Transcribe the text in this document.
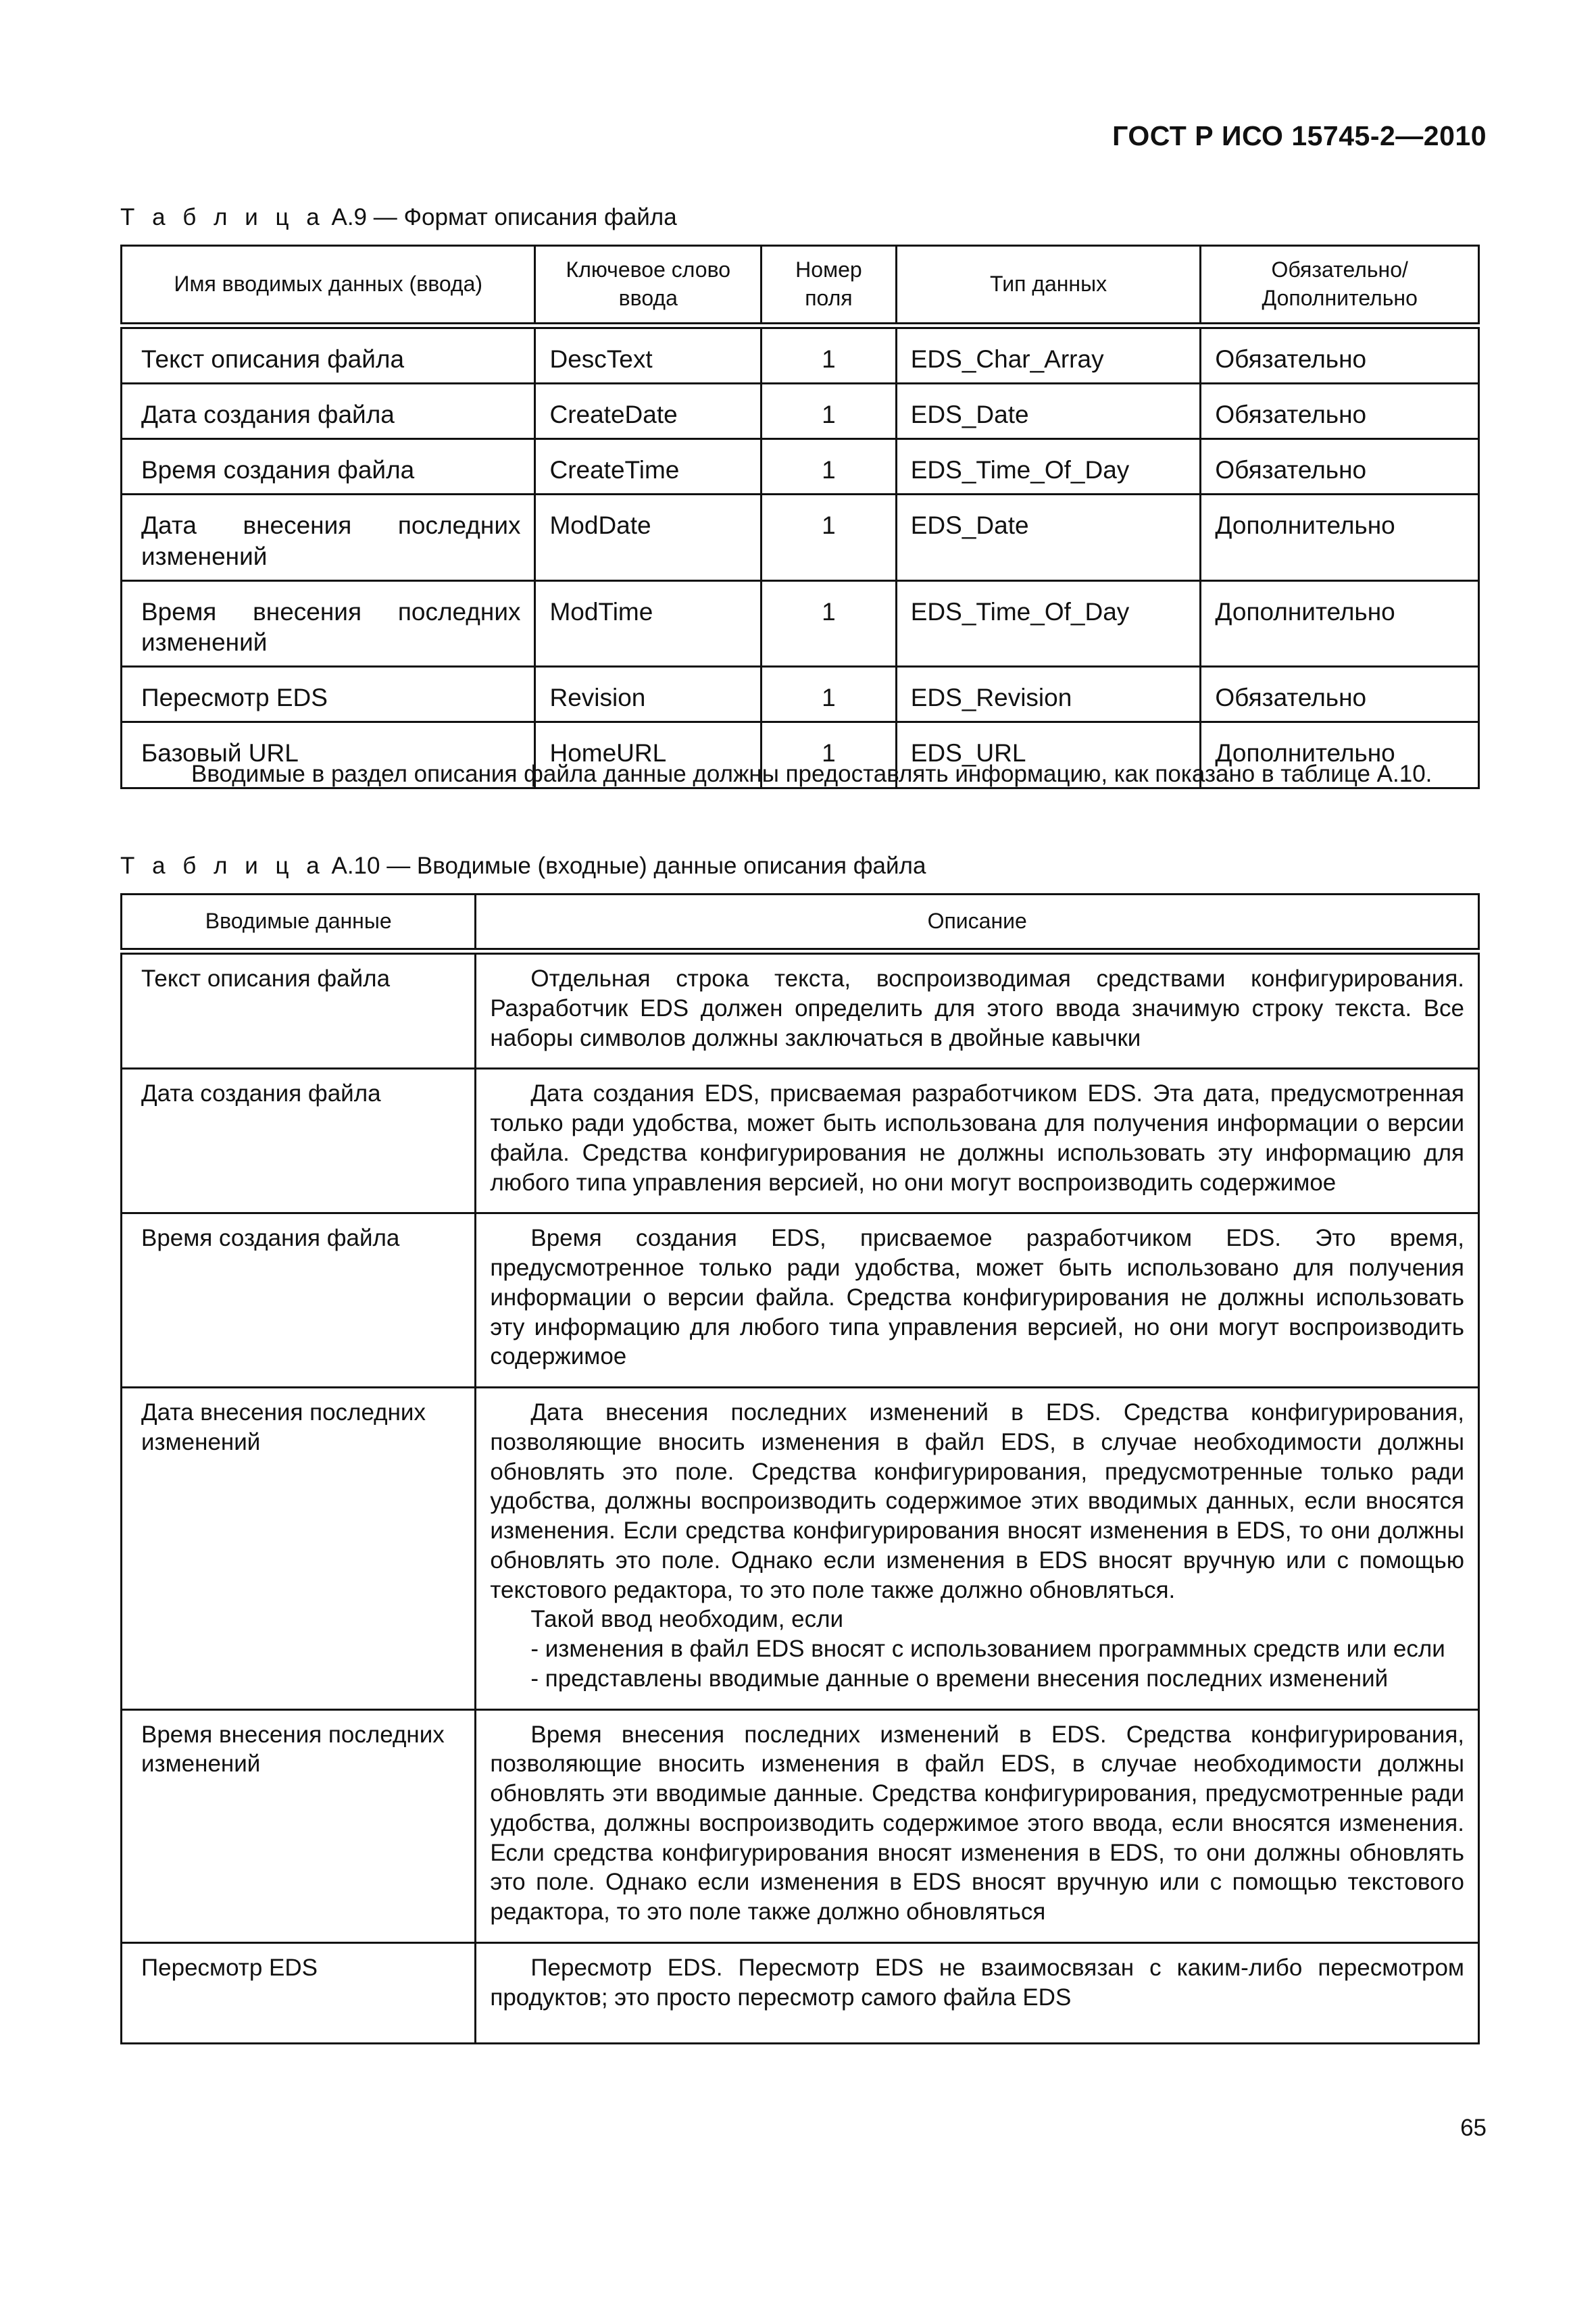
ГОСТ Р ИСО 15745-2—2010
Т а б л и ц а А.9 — Формат описания файла
Имя вводимых данных (ввода)	Ключевое слово ввода	Номер поля	Тип данных	Обязательно/ Дополнительно
Текст описания файла	DescText	1	EDS_Char_Array	Обязательно
Дата создания файла	CreateDate	1	EDS_Date	Обязательно
Время создания файла	CreateTime	1	EDS_Time_Of_Day	Обязательно
Дата внесения последних изменений	ModDate	1	EDS_Date	Дополнительно
Время внесения последних изменений	ModTime	1	EDS_Time_Of_Day	Дополнительно
Пересмотр EDS	Revision	1	EDS_Revision	Обязательно
Базовый URL	HomeURL	1	EDS_URL	Дополнительно
Вводимые в раздел описания файла данные должны предоставлять информацию, как показано в таблице А.10.
Т а б л и ц а А.10 — Вводимые (входные) данные описания файла
Вводимые данные	Описание
Текст описания файла	Отдельная строка текста, воспроизводимая средствами конфигурирования. Разработчик EDS должен определить для этого ввода значимую строку текста. Все наборы символов должны заключаться в двойные кавычки

Дата создания файла	Дата создания EDS, присваемая разработчиком EDS. Эта дата, предусмотренная только ради удобства, может быть использована для получения информации о версии файла. Средства конфигурирования не должны использовать эту информацию для любого типа управления версией, но они могут воспроизводить содержимое

Время создания файла	Время создания EDS, присваемое разработчиком EDS. Это время, предусмотренное только ради удобства, может быть использовано для получения информации о версии файла. Средства конфигурирования не должны использовать эту информацию для любого типа управления версией, но они могут воспроизводить содержимое

Дата внесения последних изменений	Дата внесения последних изменений в EDS. Средства конфигурирования, позволяющие вносить изменения в файл EDS, в случае необходимости должны обновлять это поле. Средства конфигурирования, предусмотренные только ради удобства, должны воспроизводить содержимое этих вводимых данных, если вносятся изменения. Если средства конфигурирования вносят изменения в EDS, то они должны обновлять это поле. Однако если изменения в EDS вносят вручную или с помощью текстового редактора, то это поле также должно обновляться.

Такой ввод необходим, если

- изменения в файл EDS вносят с использованием программных средств или если

- представлены вводимые данные о времени внесения последних изменений

Время внесения последних изменений	Время внесения последних изменений в EDS. Средства конфигурирования, позволяющие вносить изменения в файл EDS, в случае необходимости должны обновлять эти вводимые данные. Средства конфигурирования, предусмотренные ради удобства, должны воспроизводить содержимое этого ввода, если вносятся изменения. Если средства конфигурирования вносят изменения в EDS, то они должны обновлять это поле. Однако если изменения в EDS вносят вручную или с помощью текстового редактора, то это поле также должно обновляться

Пересмотр EDS	Пересмотр EDS. Пересмотр EDS не взаимосвязан с каким-либо пересмотром продуктов; это просто пересмотр самого файла EDS

65
